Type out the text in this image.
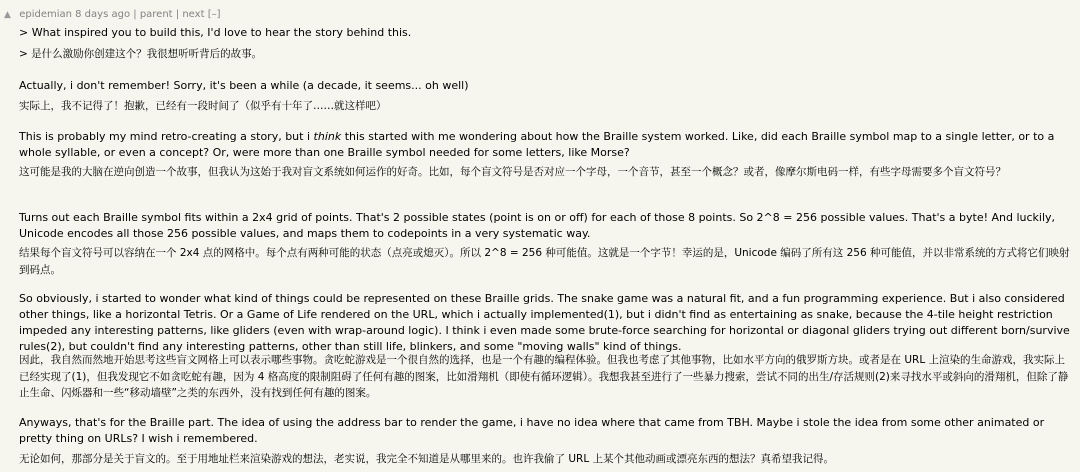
▲ epidemian 8 days ago | parent | next [–]
> What inspired you to build this, I'd love to hear the story behind this.
> 是什么激励你创建这个？我很想听听背后的故事。
Actually, i don't remember! Sorry, it's been a while (a decade, it seems... oh well)
实际上，我不记得了！抱歉，已经有一段时间了（似乎有十年了……就这样吧）
This is probably my mind retro-creating a story, but i think this started with me wondering about how the Braille system worked. Like, did each Braille symbol map to a single letter, or to a whole syllable, or even a concept? Or, were more than one Braille symbol needed for some letters, like Morse?
这可能是我的大脑在逆向创造一个故事，但我认为这始于我对盲文系统如何运作的好奇。比如，每个盲文符号是否对应一个字母，一个音节，甚至一个概念？或者，像摩尔斯电码一样，有些字母需要多个盲文符号？
Turns out each Braille symbol fits within a 2x4 grid of points. That's 2 possible states (point is on or off) for each of those 8 points. So 2^8 = 256 possible values. That's a byte! And luckily, Unicode encodes all those 256 possible values, and maps them to codepoints in a very systematic way.
结果每个盲文符号可以容纳在一个 2x4 点的网格中。每个点有两种可能的状态（点亮或熄灭）。所以 2^8 = 256 种可能值。这就是一个字节！幸运的是，Unicode 编码了所有这 256 种可能值，并以非常系统的方式将它们映射到码点。
So obviously, i started to wonder what kind of things could be represented on these Braille grids. The snake game was a natural fit, and a fun programming experience. But i also considered other things, like a horizontal Tetris. Or a Game of Life rendered on the URL, which i actually implemented(1), but i didn't find as entertaining as snake, because the 4-tile height restriction impeded any interesting patterns, like gliders (even with wrap-around logic). I think i even made some brute-force searching for horizontal or diagonal gliders trying out different born/survive rules(2), but couldn't find any interesting patterns, other than still life, blinkers, and some "moving walls" kind of things.
因此，我自然而然地开始思考这些盲文网格上可以表示哪些事物。贪吃蛇游戏是一个很自然的选择，也是一个有趣的编程体验。但我也考虑了其他事物，比如水平方向的俄罗斯方块。或者是在 URL 上渲染的生命游戏，我实际上已经实现了(1)，但我发现它不如贪吃蛇有趣，因为 4 格高度的限制阻碍了任何有趣的图案，比如滑翔机（即使有循环逻辑）。我想我甚至进行了一些暴力搜索，尝试不同的出生/存活规则(2)来寻找水平或斜向的滑翔机，但除了静止生命、闪烁器和一些“移动墙壁”之类的东西外，没有找到任何有趣的图案。
Anyways, that's for the Braille part. The idea of using the address bar to render the game, i have no idea where that came from TBH. Maybe i stole the idea from some other animated or pretty thing on URLs? I wish i remembered.
无论如何，那部分是关于盲文的。至于用地址栏来渲染游戏的想法，老实说，我完全不知道是从哪里来的。也许我偷了 URL 上某个其他动画或漂亮东西的想法？真希望我记得。
